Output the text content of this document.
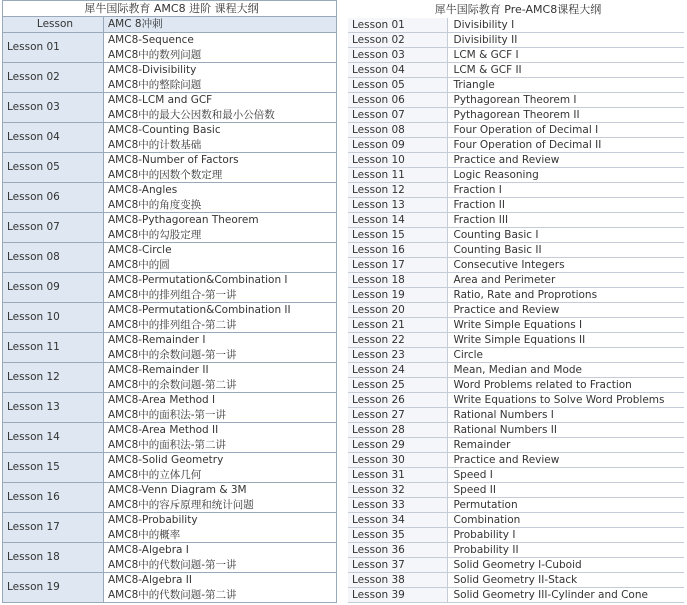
犀牛国际教育 AMC8 进阶 课程大纲	
Lesson	AMC 8冲刺
Lesson 01	AMC8-Sequence
AMC8中的数列问题

Lesson 02	AMC8-Divisibility
AMC8中的整除问题

Lesson 03	AMC8-LCM and GCF
AMC8中的最大公因数和最小公倍数

Lesson 04	AMC8-Counting Basic
AMC8中的计数基础

Lesson 05	AMC8-Number of Factors
AMC8中的因数个数定理

Lesson 06	AMC8-Angles
AMC8中的角度变换

Lesson 07	AMC8-Pythagorean Theorem
AMC8中的勾股定理

Lesson 08	AMC8-Circle
AMC8中的圆

Lesson 09	AMC8-Permutation&Combination I
AMC8中的排列组合-第一讲

Lesson 10	AMC8-Permutation&Combination II
AMC8中的排列组合-第二讲

Lesson 11	AMC8-Remainder I
AMC8中的余数问题-第一讲

Lesson 12	AMC8-Remainder II
AMC8中的余数问题-第二讲

Lesson 13	AMC8-Area Method I
AMC8中的面积法-第一讲

Lesson 14	AMC8-Area Method II
AMC8中的面积法-第二讲

Lesson 15	AMC8-Solid Geometry
AMC8中的立体几何

Lesson 16	AMC8-Venn Diagram & 3M
AMC8中的容斥原理和统计问题

Lesson 17	AMC8-Probability
AMC8中的概率

Lesson 18	AMC8-Algebra I
AMC8中的代数问题-第一讲

Lesson 19	AMC8-Algebra II
AMC8中的代数问题-第二讲
犀牛国际教育 Pre-AMC8课程大纲	
Lesson 01	Divisibility I
Lesson 02	Divisibility II
Lesson 03	LCM & GCF I
Lesson 04	LCM & GCF II
Lesson 05	Triangle
Lesson 06	Pythagorean Theorem I
Lesson 07	Pythagorean Theorem II
Lesson 08	Four Operation of Decimal I
Lesson 09	Four Operation of Decimal II
Lesson 10	Practice and Review
Lesson 11	Logic Reasoning
Lesson 12	Fraction I
Lesson 13	Fraction II
Lesson 14	Fraction III
Lesson 15	Counting Basic I
Lesson 16	Counting Basic II
Lesson 17	Consecutive Integers
Lesson 18	Area and Perimeter
Lesson 19	Ratio, Rate and Proprotions
Lesson 20	Practice and Review
Lesson 21	Write Simple Equations I
Lesson 22	Write Simple Equations II
Lesson 23	Circle
Lesson 24	Mean, Median and Mode
Lesson 25	Word Problems related to Fraction
Lesson 26	Write Equations to Solve Word Problems
Lesson 27	Rational Numbers I
Lesson 28	Rational Numbers II
Lesson 29	Remainder
Lesson 30	Practice and Review
Lesson 31	Speed I
Lesson 32	Speed II
Lesson 33	Permutation
Lesson 34	Combination
Lesson 35	Probability I
Lesson 36	Probability II
Lesson 37	Solid Geometry I-Cuboid
Lesson 38	Solid Geometry II-Stack
Lesson 39	Solid Geometry III-Cylinder and Cone
